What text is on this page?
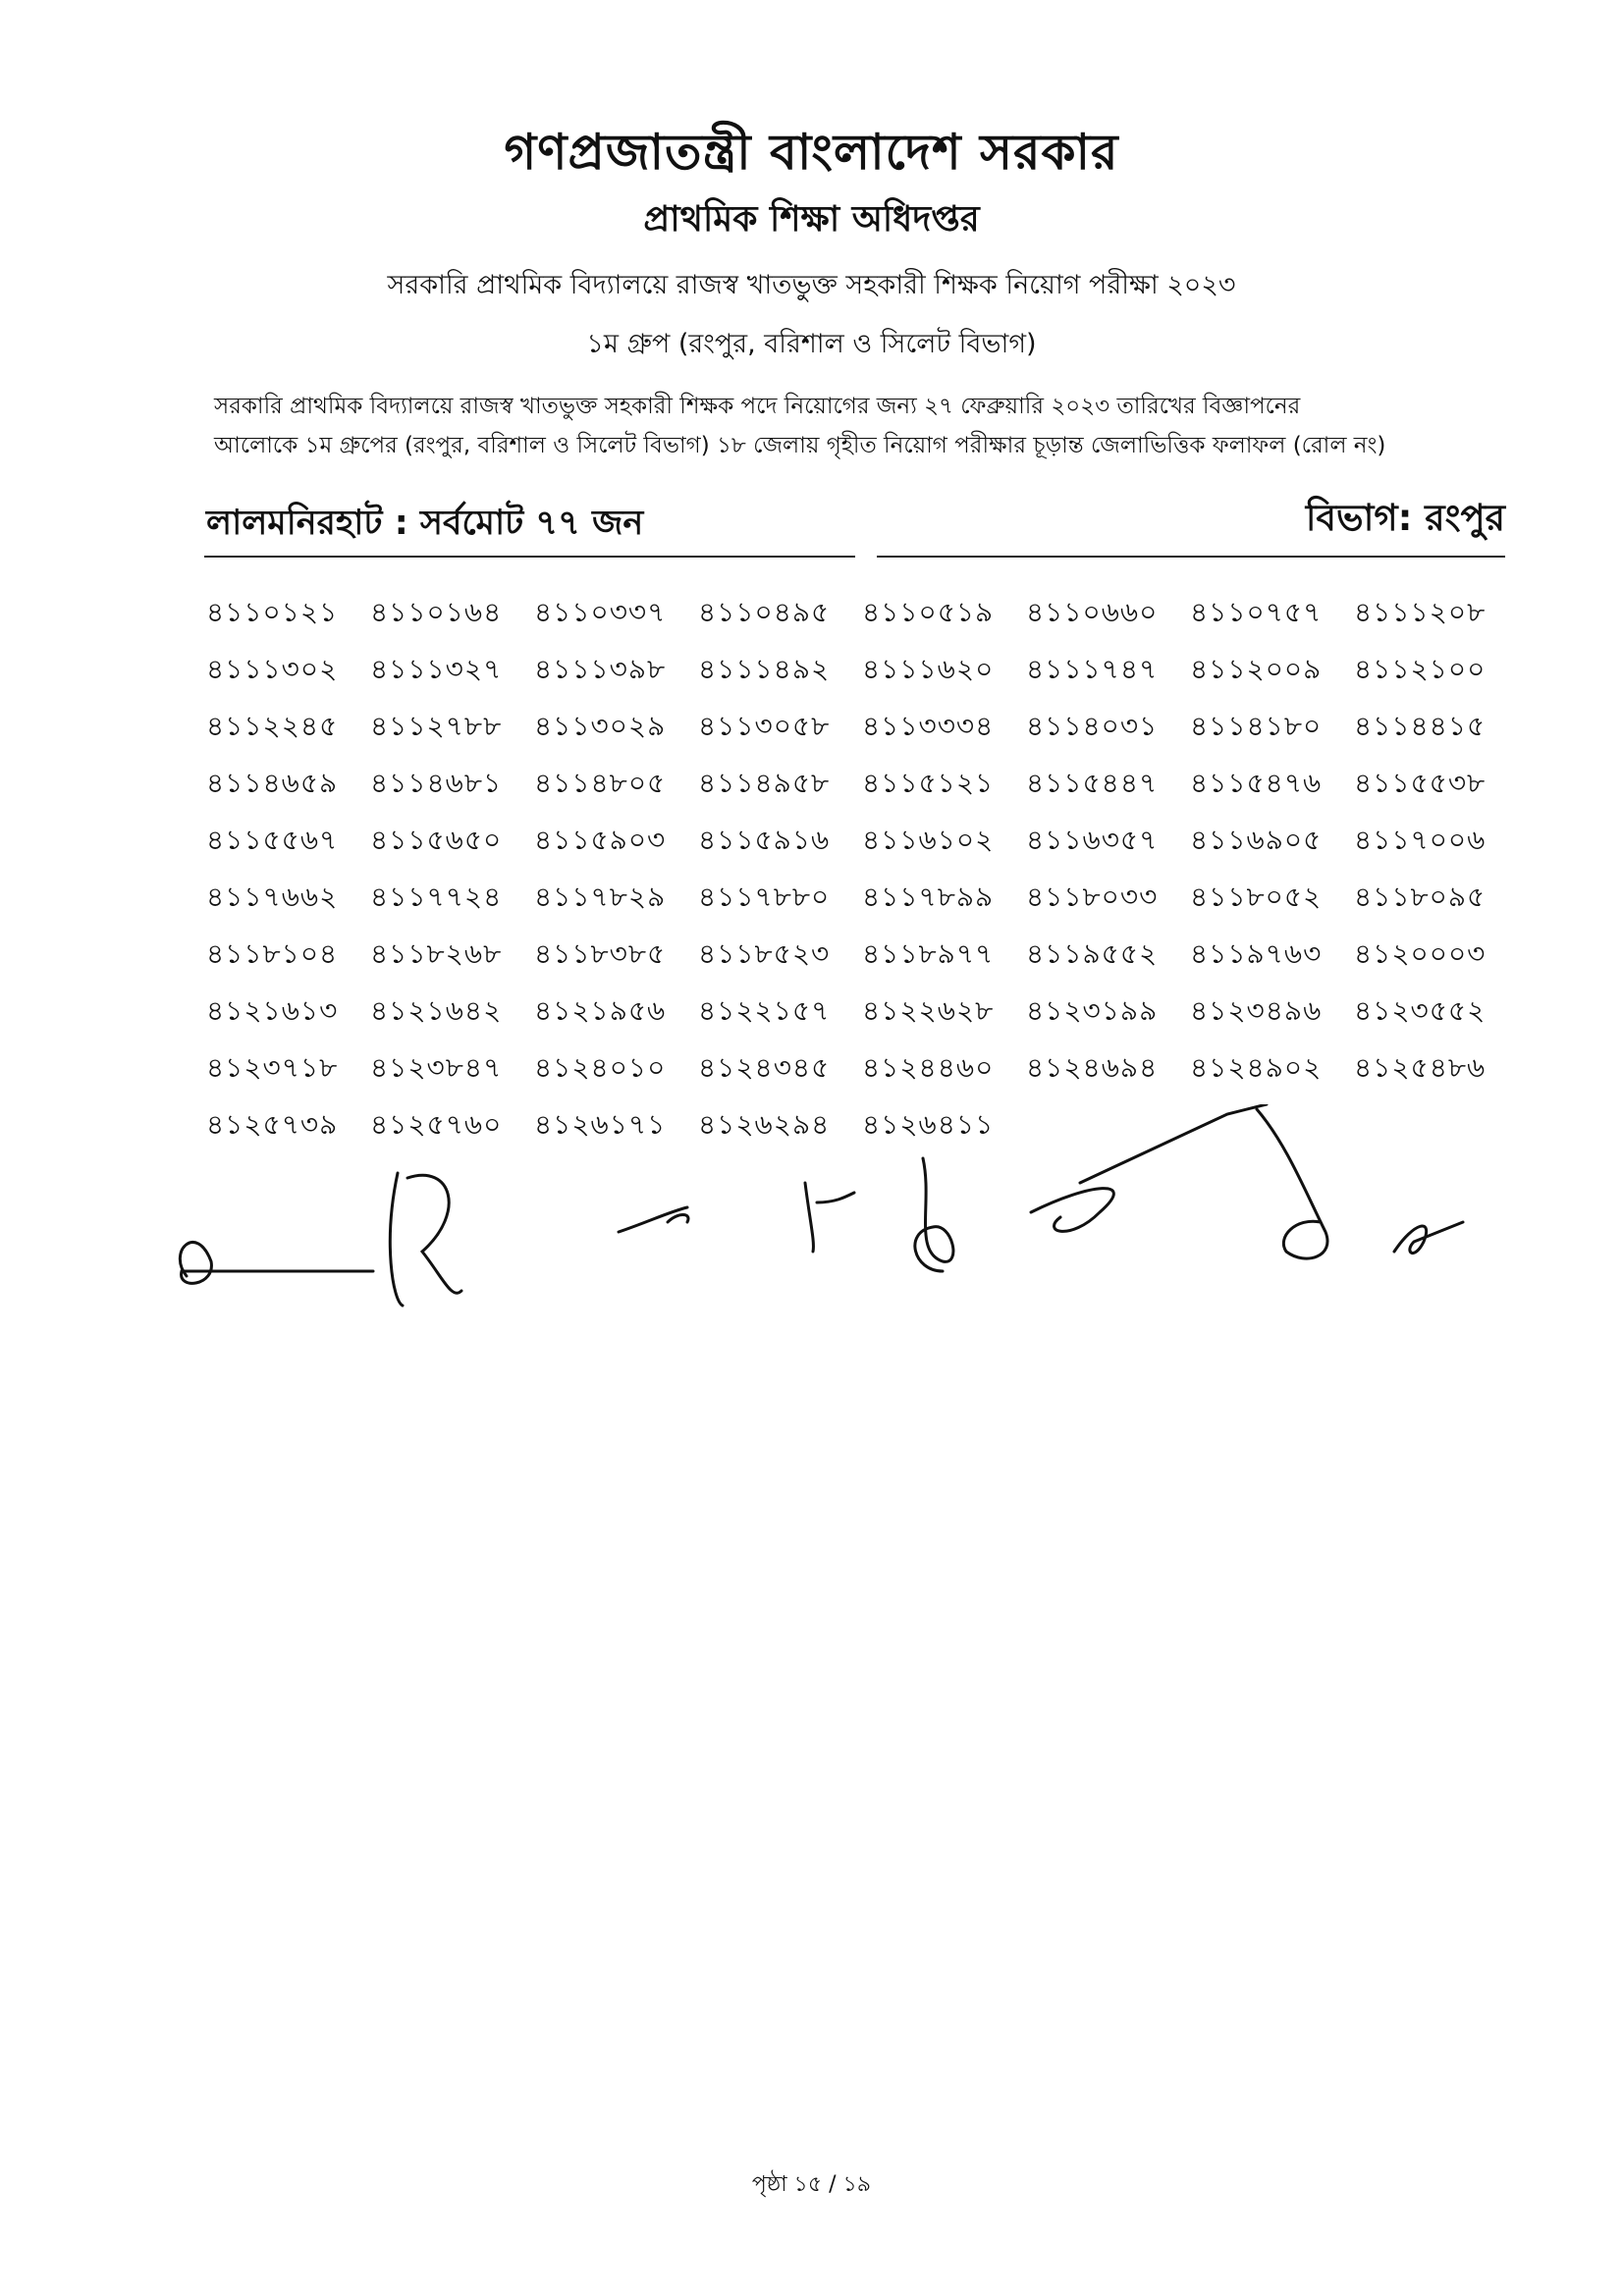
গণপ্রজাতন্ত্রী বাংলাদেশ সরকার
প্রাথমিক শিক্ষা অধিদপ্তর
সরকারি প্রাথমিক বিদ্যালয়ে রাজস্ব খাতভুক্ত সহকারী শিক্ষক নিয়োগ পরীক্ষা ২০২৩
১ম গ্রুপ (রংপুর, বরিশাল ও সিলেট বিভাগ)
সরকারি প্রাথমিক বিদ্যালয়ে রাজস্ব খাতভুক্ত সহকারী শিক্ষক পদে নিয়োগের জন্য ২৭ ফেব্রুয়ারি ২০২৩ তারিখের বিজ্ঞাপনের
আলোকে ১ম গ্রুপের (রংপুর, বরিশাল ও সিলেট বিভাগ) ১৮ জেলায় গৃহীত নিয়োগ পরীক্ষার চূড়ান্ত জেলাভিত্তিক ফলাফল (রোল নং)
লালমনিরহাট : সর্বমোট ৭৭ জন	বিভাগ: রংপুর
৪১১০১২১	৪১১০১৬৪	৪১১০৩৩৭	৪১১০৪৯৫	৪১১০৫১৯	৪১১০৬৬০	৪১১০৭৫৭	৪১১১২০৮
৪১১১৩০২	৪১১১৩২৭	৪১১১৩৯৮	৪১১১৪৯২	৪১১১৬২০	৪১১১৭৪৭	৪১১২০০৯	৪১১২১০০
৪১১২২৪৫	৪১১২৭৮৮	৪১১৩০২৯	৪১১৩০৫৮	৪১১৩৩৩৪	৪১১৪০৩১	৪১১৪১৮০	৪১১৪৪১৫
৪১১৪৬৫৯	৪১১৪৬৮১	৪১১৪৮০৫	৪১১৪৯৫৮	৪১১৫১২১	৪১১৫৪৪৭	৪১১৫৪৭৬	৪১১৫৫৩৮
৪১১৫৫৬৭	৪১১৫৬৫০	৪১১৫৯০৩	৪১১৫৯১৬	৪১১৬১০২	৪১১৬৩৫৭	৪১১৬৯০৫	৪১১৭০০৬
৪১১৭৬৬২	৪১১৭৭২৪	৪১১৭৮২৯	৪১১৭৮৮০	৪১১৭৮৯৯	৪১১৮০৩৩	৪১১৮০৫২	৪১১৮০৯৫
৪১১৮১০৪	৪১১৮২৬৮	৪১১৮৩৮৫	৪১১৮৫২৩	৪১১৮৯৭৭	৪১১৯৫৫২	৪১১৯৭৬৩	৪১২০০০৩
৪১২১৬১৩	৪১২১৬৪২	৪১২১৯৫৬	৪১২২১৫৭	৪১২২৬২৮	৪১২৩১৯৯	৪১২৩৪৯৬	৪১২৩৫৫২
৪১২৩৭১৮	৪১২৩৮৪৭	৪১২৪০১০	৪১২৪৩৪৫	৪১২৪৪৬০	৪১২৪৬৯৪	৪১২৪৯০২	৪১২৫৪৮৬
৪১২৫৭৩৯	৪১২৫৭৬০	৪১২৬১৭১	৪১২৬২৯৪	৪১২৬৪১১
পৃষ্ঠা ১৫ / ১৯
